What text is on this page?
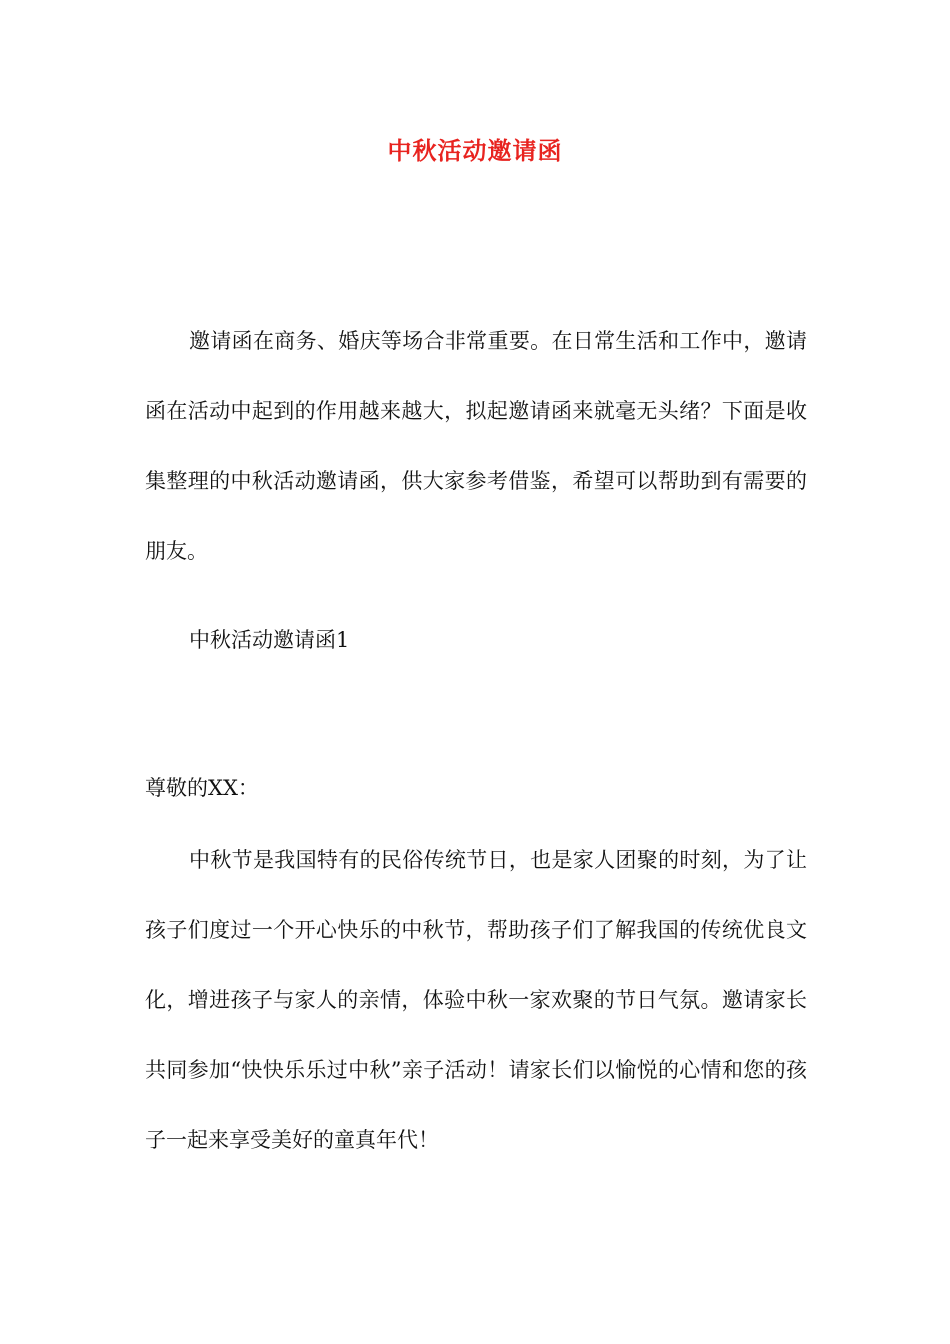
中秋活动邀请函

邀请函在商务、婚庆等场合非常重要。在日常生活和工作中，邀请函在活动中起到的作用越来越大，拟起邀请函来就毫无头绪？下面是收集整理的中秋活动邀请函，供大家参考借鉴，希望可以帮助到有需要的朋友。

中秋活动邀请函1

尊敬的XX：

中秋节是我国特有的民俗传统节日，也是家人团聚的时刻，为了让孩子们度过一个开心快乐的中秋节，帮助孩子们了解我国的传统优良文化，增进孩子与家人的亲情，体验中秋一家欢聚的节日气氛。邀请家长共同参加“快快乐乐过中秋”亲子活动！请家长们以愉悦的心情和您的孩子一起来享受美好的童真年代！
